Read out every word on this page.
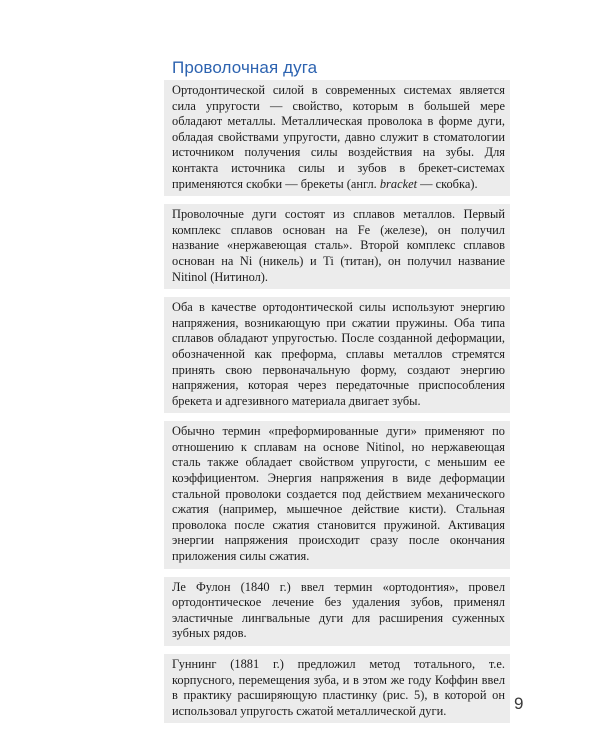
Проволочная дуга

Ортодонтической силой в современных системах является сила упругости — свойство, которым в большей мере обладают металлы. Металлическая проволока в форме дуги, обладая свойствами упругости, давно служит в стоматологии источником получения силы воздействия на зубы. Для контакта источника силы и зубов в брекет-системах применяются скобки — брекеты (англ. bracket — скобка).

Проволочные дуги состоят из сплавов металлов. Первый комплекс сплавов основан на Fe (железе), он получил название «нержавеющая сталь». Второй комплекс сплавов основан на Ni (никель) и Ti (титан), он получил название Nitinol (Нитинол).

Оба в качестве ортодонтической силы используют энергию напряжения, возникающую при сжатии пружины. Оба типа сплавов обладают упругостью. После созданной деформации, обозначенной как преформа, сплавы металлов стремятся принять свою первоначальную форму, создают энергию напряжения, которая через передаточные приспособления брекета и адгезивного материала двигает зубы.

Обычно термин «преформированные дуги» применяют по отношению к сплавам на основе Nitinol, но нержавеющая сталь также обладает свойством упругости, с меньшим ее коэффициентом. Энергия напряжения в виде деформации стальной проволоки создается под действием механического сжатия (например, мышечное действие кисти). Стальная проволока после сжатия становится пружиной. Активация энергии напряжения происходит сразу после окончания приложения силы сжатия.

Ле Фулон (1840 г.) ввел термин «ортодонтия», провел ортодонтическое лечение без удаления зубов, применял эластичные лингвальные дуги для расширения суженных зубных рядов.

Гуннинг (1881 г.) предложил метод тотального, т.е. корпусного, перемещения зуба, и в этом же году Коффин ввел в практику расширяющую пластинку (рис. 5), в которой он использовал упругость сжатой металлической дуги.	9
